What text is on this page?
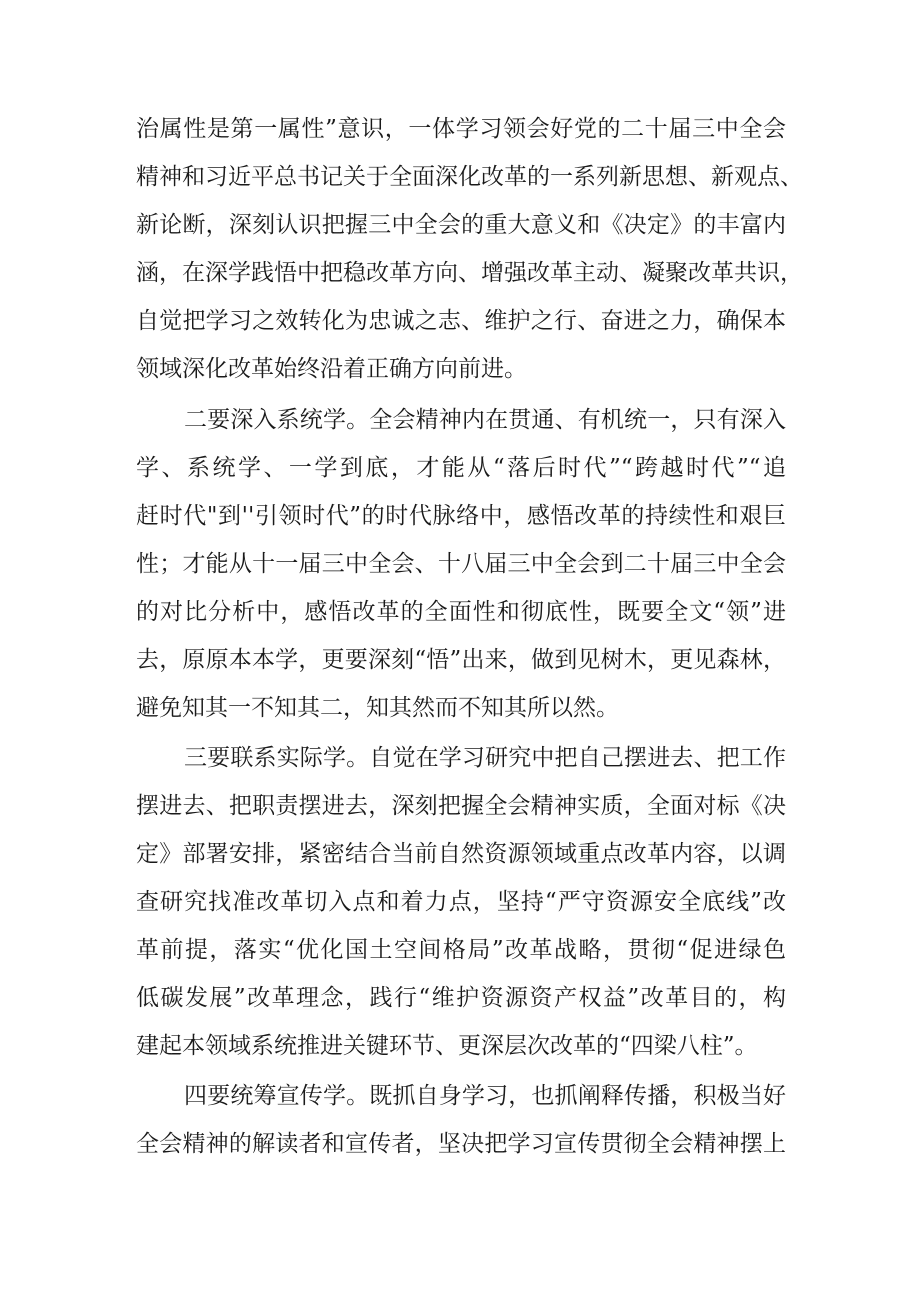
治属性是第一属性”意识，一体学习领会好党的二十届三中全会
精神和习近平总书记关于全面深化改革的一系列新思想、新观点、
新论断，深刻认识把握三中全会的重大意义和《决定》的丰富内
涵，在深学践悟中把稳改革方向、增强改革主动、凝聚改革共识，
自觉把学习之效转化为忠诚之志、维护之行、奋进之力，确保本
领域深化改革始终沿着正确方向前进。
二要深入系统学。全会精神内在贯通、有机统一，只有深入
学、系统学、一学到底，才能从“落后时代”“跨越时代”“追
赶时代"到''引领时代”的时代脉络中，感悟改革的持续性和艰巨
性；才能从十一届三中全会、十八届三中全会到二十届三中全会
的对比分析中，感悟改革的全面性和彻底性，既要全文“领”进
去，原原本本学，更要深刻“悟”出来，做到见树木，更见森林，
避免知其一不知其二，知其然而不知其所以然。
三要联系实际学。自觉在学习研究中把自己摆进去、把工作
摆进去、把职责摆进去，深刻把握全会精神实质，全面对标《决
定》部署安排，紧密结合当前自然资源领域重点改革内容，以调
查研究找准改革切入点和着力点，坚持“严守资源安全底线”改
革前提，落实“优化国土空间格局”改革战略，贯彻“促进绿色
低碳发展”改革理念，践行“维护资源资产权益”改革目的，构
建起本领域系统推进关键环节、更深层次改革的“四梁八柱”。
四要统筹宣传学。既抓自身学习，也抓阐释传播，积极当好
全会精神的解读者和宣传者，坚决把学习宣传贯彻全会精神摆上
